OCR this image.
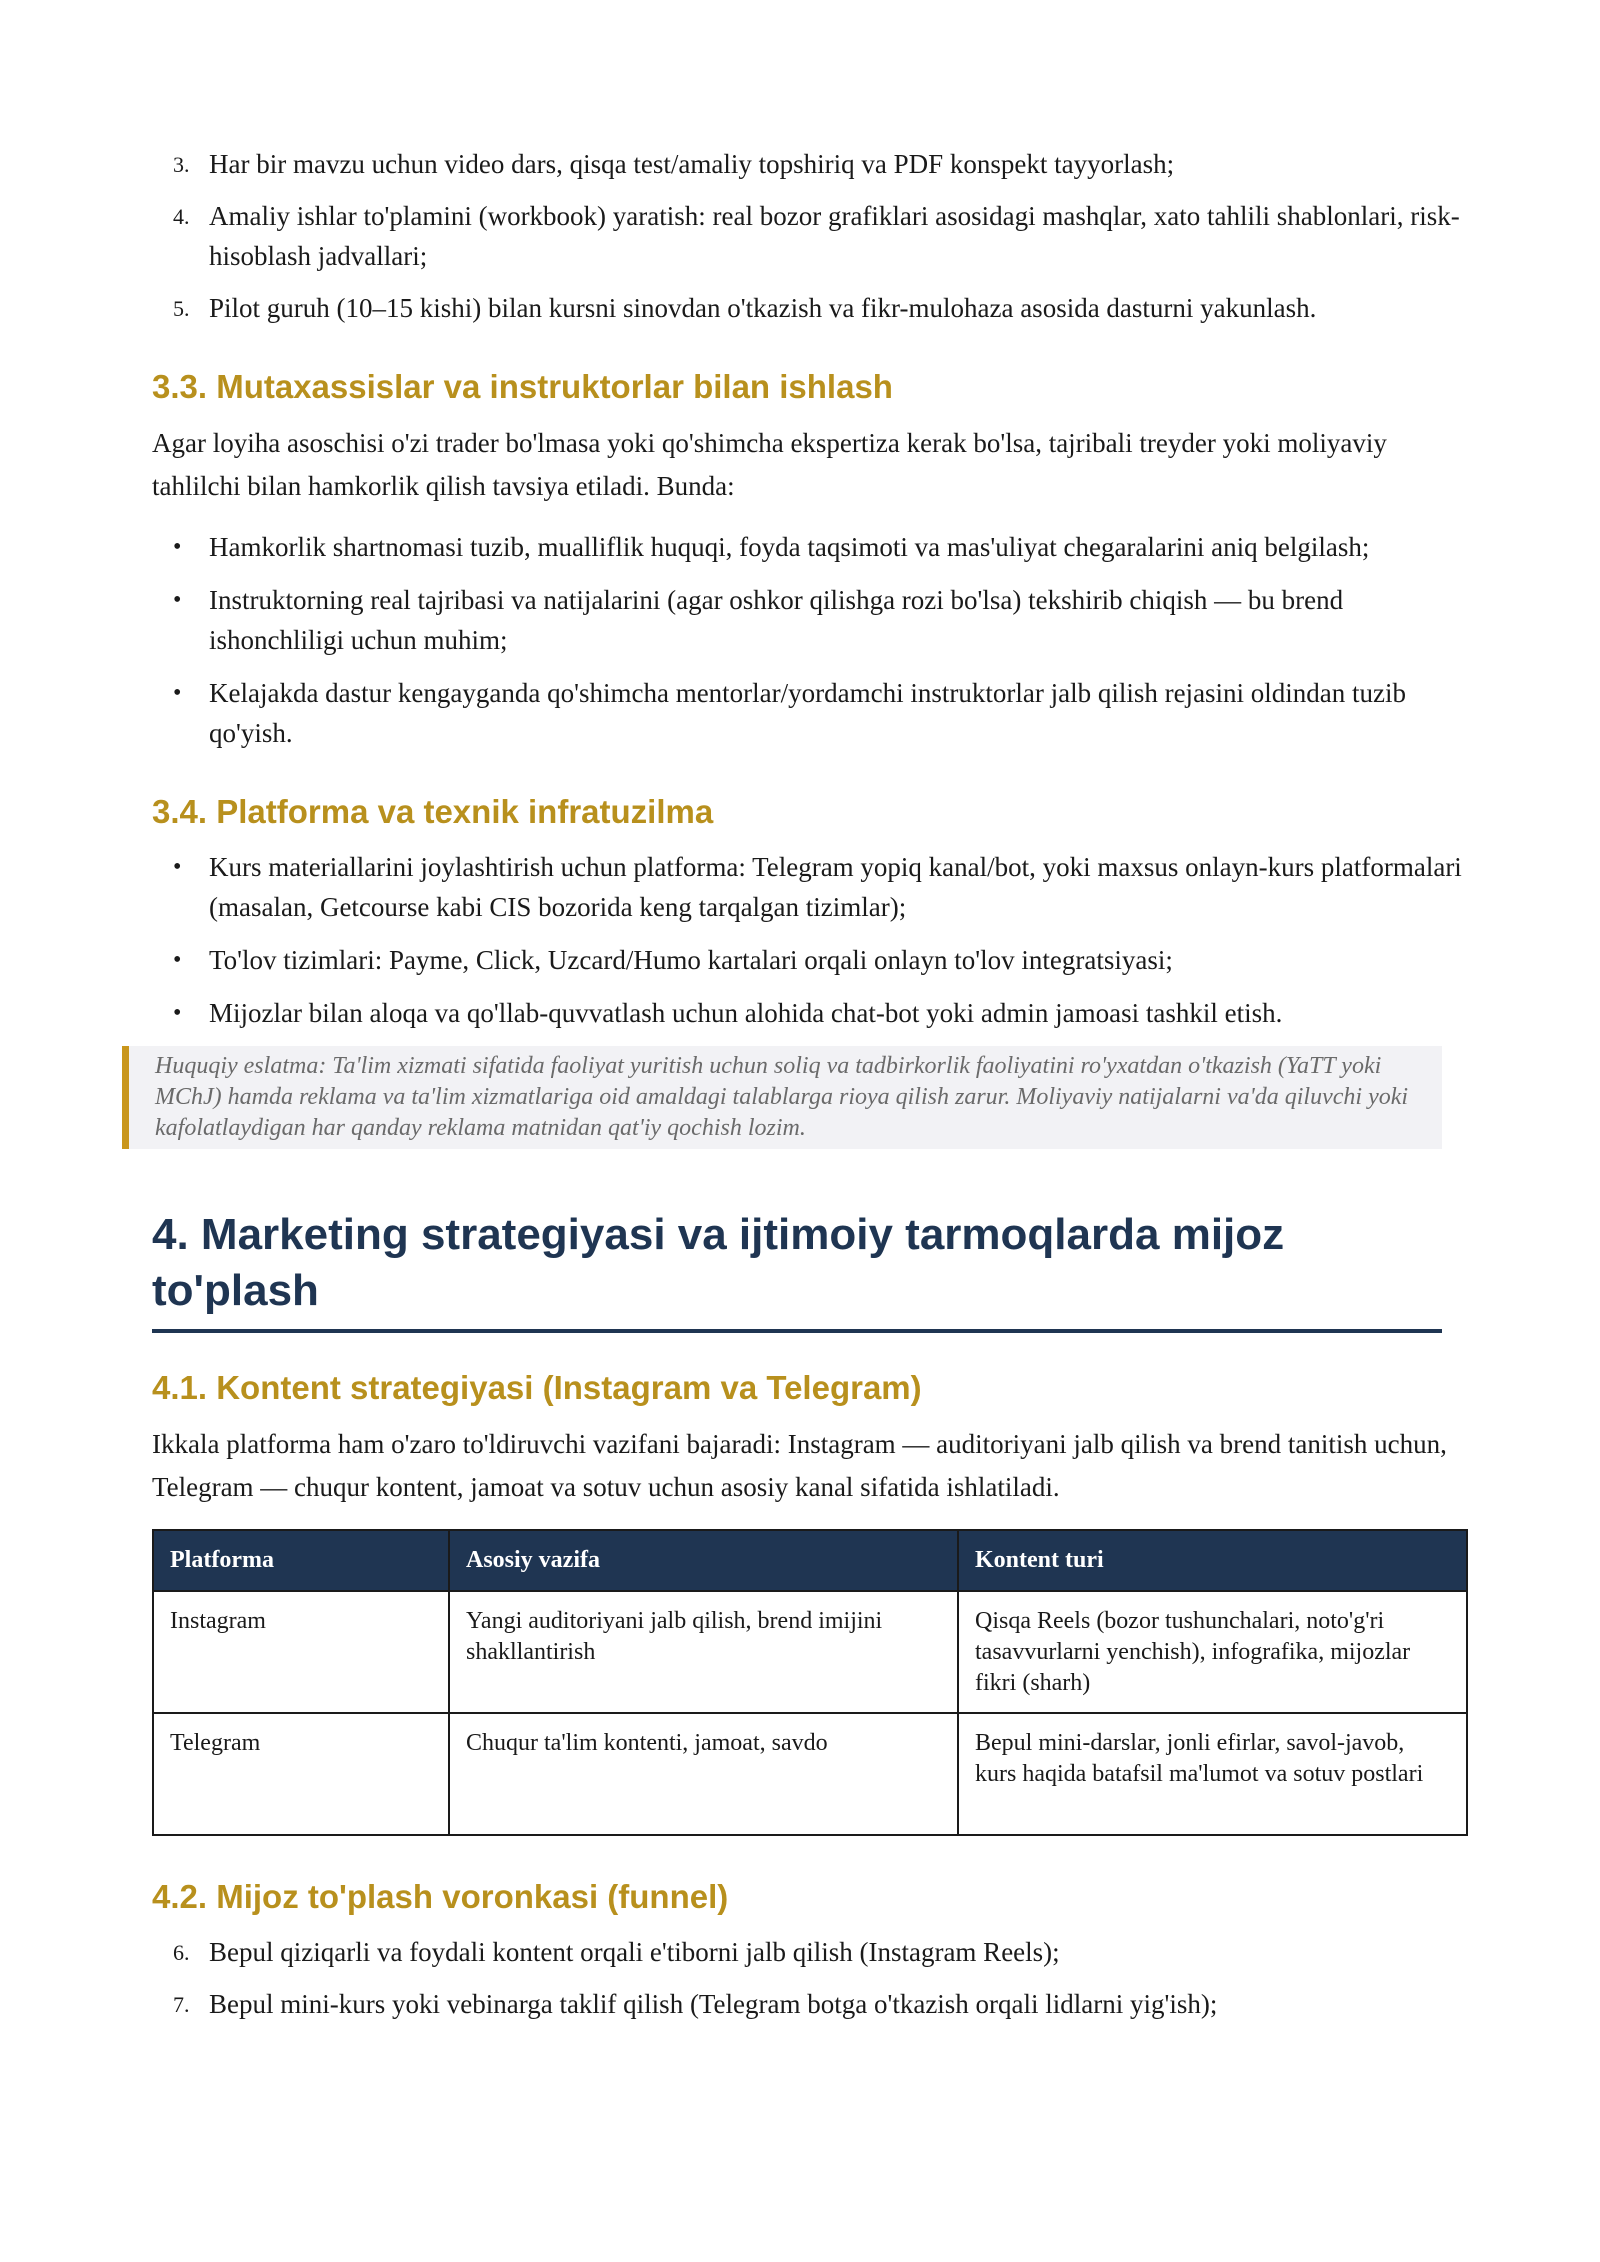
3. Har bir mavzu uchun video dars, qisqa test/amaliy topshiriq va PDF konspekt tayyorlash;
4. Amaliy ishlar to'plamini (workbook) yaratish: real bozor grafiklari asosidagi mashqlar, xato tahlili shablonlari, risk-hisoblash jadvallari;
5. Pilot guruh (10–15 kishi) bilan kursni sinovdan o'tkazish va fikr-mulohaza asosida dasturni yakunlash.
3.3. Mutaxassislar va instruktorlar bilan ishlash

Agar loyiha asoschisi o'zi trader bo'lmasa yoki qo'shimcha ekspertiza kerak bo'lsa, tajribali treyder yoki moliyaviy tahlilchi bilan hamkorlik qilish tavsiya etiladi. Bunda:

• Hamkorlik shartnomasi tuzib, mualliflik huquqi, foyda taqsimoti va mas'uliyat chegaralarini aniq belgilash;
• Instruktorning real tajribasi va natijalarini (agar oshkor qilishga rozi bo'lsa) tekshirib chiqish — bu brend ishonchliligi uchun muhim;
• Kelajakda dastur kengayganda qo'shimcha mentorlar/yordamchi instruktorlar jalb qilish rejasini oldindan tuzib qo'yish.
3.4. Platforma va texnik infratuzilma
• Kurs materiallarini joylashtirish uchun platforma: Telegram yopiq kanal/bot, yoki maxsus onlayn-kurs platformalari (masalan, Getcourse kabi CIS bozorida keng tarqalgan tizimlar);
• To'lov tizimlari: Payme, Click, Uzcard/Humo kartalari orqali onlayn to'lov integratsiyasi;
• Mijozlar bilan aloqa va qo'llab-quvvatlash uchun alohida chat-bot yoki admin jamoasi tashkil etish.
Huquqiy eslatma: Ta'lim xizmati sifatida faoliyat yuritish uchun soliq va tadbirkorlik faoliyatini ro'yxatdan o'tkazish (YaTT yoki MChJ) hamda reklama va ta'lim xizmatlariga oid amaldagi talablarga rioya qilish zarur. Moliyaviy natijalarni va'da qiluvchi yoki kafolatlaydigan har qanday reklama matnidan qat'iy qochish lozim.
4. Marketing strategiyasi va ijtimoiy tarmoqlarda mijoz to'plash
4.1. Kontent strategiyasi (Instagram va Telegram)

Ikkala platforma ham o'zaro to'ldiruvchi vazifani bajaradi: Instagram — auditoriyani jalb qilish va brend tanitish uchun, Telegram — chuqur kontent, jamoat va sotuv uchun asosiy kanal sifatida ishlatiladi.

Platforma	Asosiy vazifa	Kontent turi
Instagram	Yangi auditoriyani jalb qilish, brend imijini shakllantirish	Qisqa Reels (bozor tushunchalari, noto'g'ri tasavvurlarni yenchish), infografika, mijozlar fikri (sharh)
Telegram	Chuqur ta'lim kontenti, jamoat, savdo	Bepul mini-darslar, jonli efirlar, savol-javob, kurs haqida batafsil ma'lumot va sotuv postlari
4.2. Mijoz to'plash voronkasi (funnel)
6. Bepul qiziqarli va foydali kontent orqali e'tiborni jalb qilish (Instagram Reels);
7. Bepul mini-kurs yoki vebinarga taklif qilish (Telegram botga o'tkazish orqali lidlarni yig'ish);
